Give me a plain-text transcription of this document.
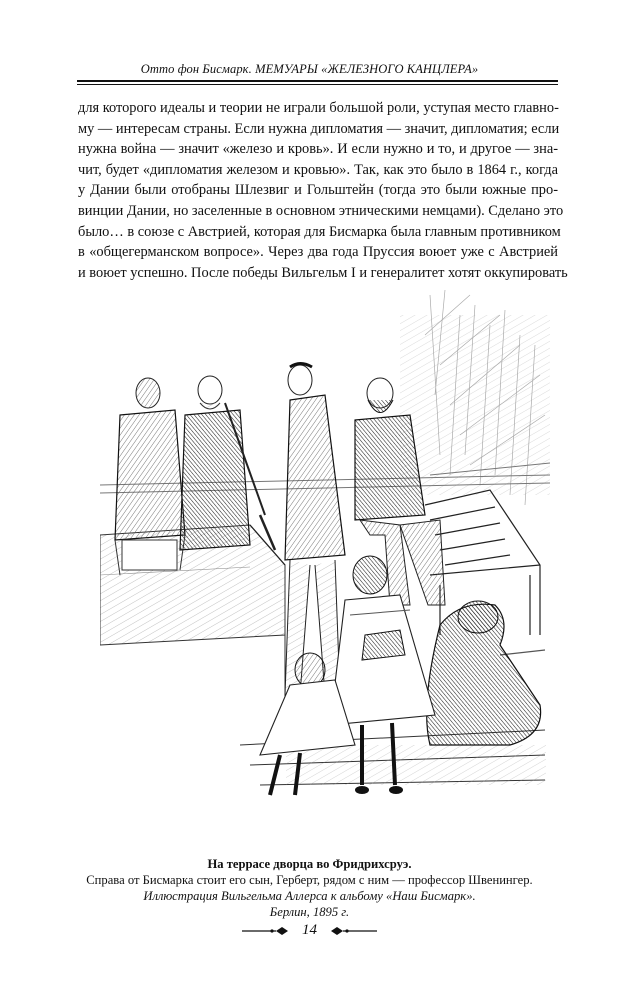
Отто фон Бисмарк. МЕМУАРЫ «ЖЕЛЕЗНОГО КАНЦЛЕРА»
для которого идеалы и теории не играли большой роли, уступая место главно-
му — интересам страны. Если нужна дипломатия — значит, дипломатия; если
нужна война — значит «железо и кровь». И если нужно и то, и другое — зна-
чит, будет «дипломатия железом и кровью». Так, как это было в 1864 г., когда
у Дании были отобраны Шлезвиг и Гольштейн (тогда это были южные про-
винции Дании, но заселенные в основном этническими немцами). Сделано это
было… в союзе с Австрией, которая для Бисмарка была главным противником
в «общегерманском вопросе». Через два года Пруссия воюет уже с Австрией
и воюет успешно. После победы Вильгельм I и генералитет хотят оккупировать
На террасе дворца во Фридрихсруэ.
Справа от Бисмарка стоит его сын, Герберт, рядом с ним — профессор Швенингер.
Иллюстрация Вильгельма Аллерса к альбому «Наш Бисмарк».
Берлин, 1895 г.
14
